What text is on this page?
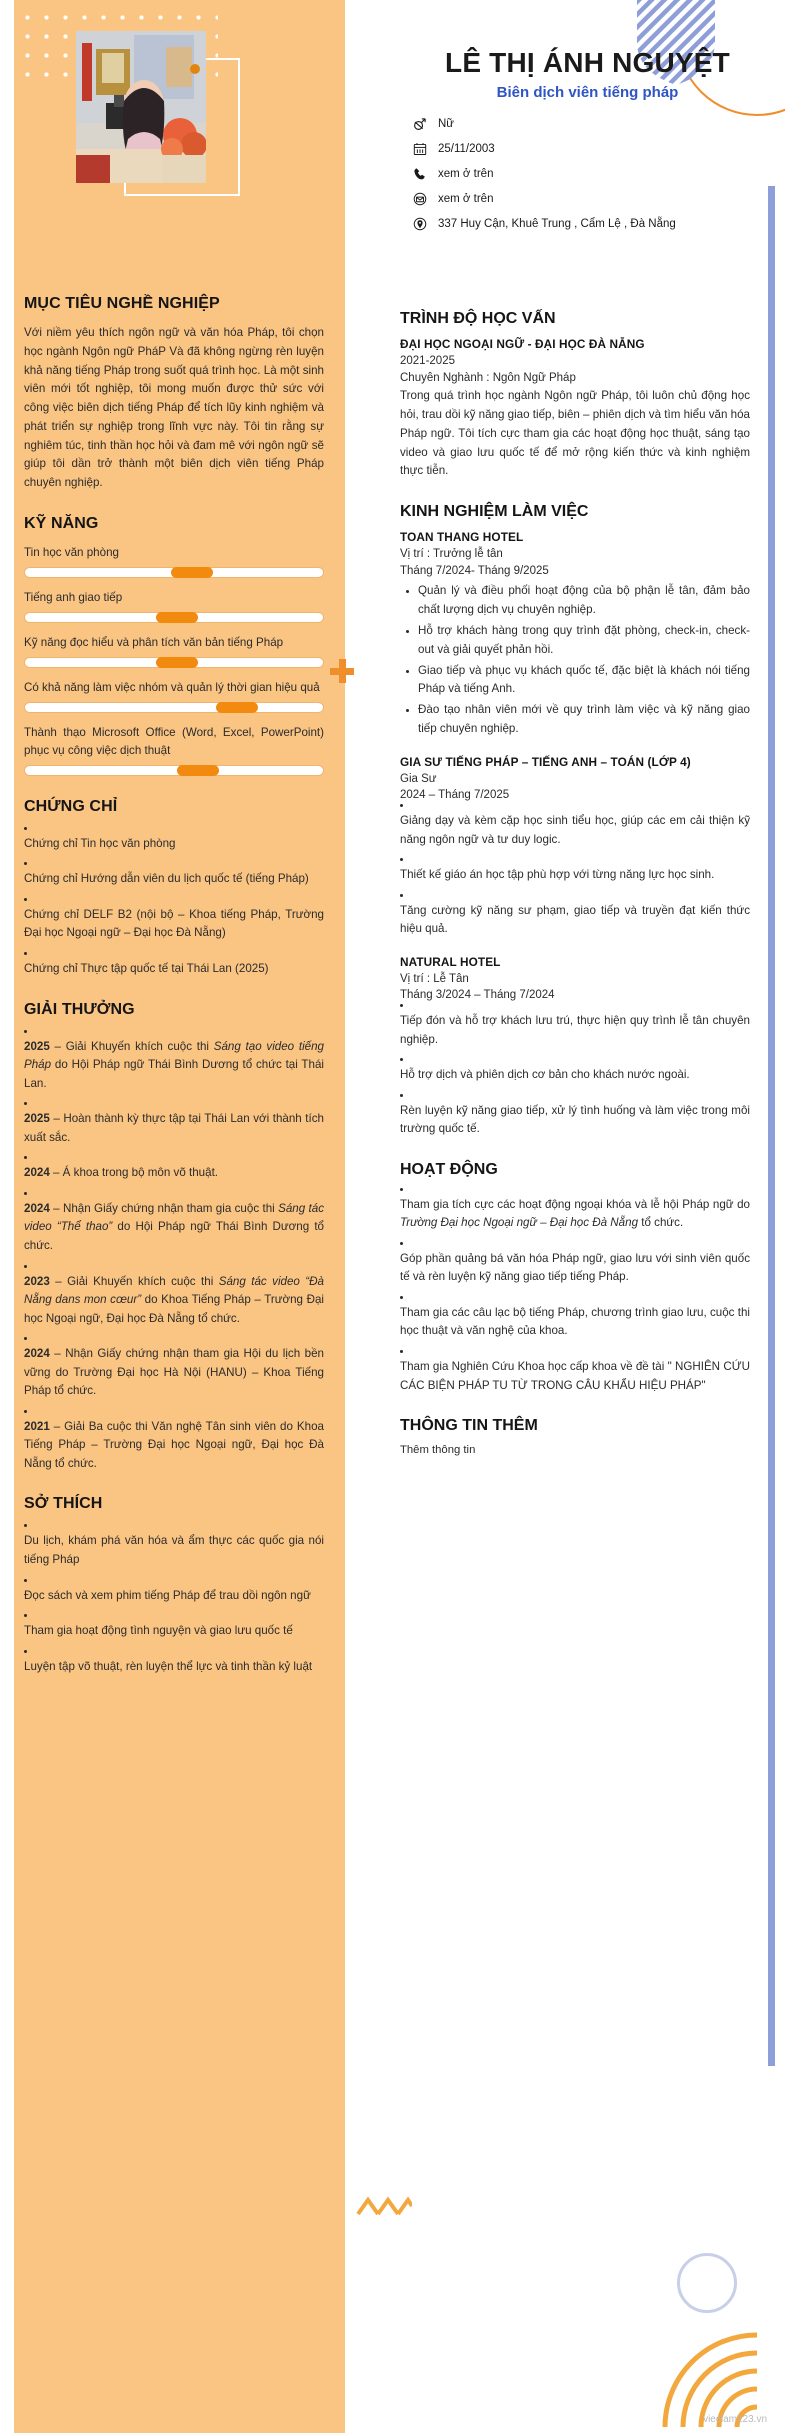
LÊ THỊ ÁNH NGUYỆT
Biên dịch viên tiếng pháp
Nữ
25/11/2003
xem ở trên
xem ở trên
337 Huy Cận, Khuê Trung , Cẩm Lệ , Đà Nẵng
MỤC TIÊU NGHỀ NGHIỆP
Với niềm yêu thích ngôn ngữ và văn hóa Pháp, tôi chọn học ngành Ngôn ngữ PháP Và đã không ngừng rèn luyện khả năng tiếng Pháp trong suốt quá trình học. Là một sinh viên mới tốt nghiệp, tôi mong muốn được thử sức với công việc biên dịch tiếng Pháp để tích lũy kinh nghiệm và phát triển sự nghiệp trong lĩnh vực này. Tôi tin rằng sự nghiêm túc, tinh thần học hỏi và đam mê với ngôn ngữ sẽ giúp tôi dần trở thành một biên dịch viên tiếng Pháp chuyên nghiệp.
KỸ NĂNG
Tin học văn phòng
Tiếng anh giao tiếp
Kỹ năng đọc hiểu và phân tích văn bản tiếng Pháp
Có khả năng làm việc nhóm và quản lý thời gian hiệu quả
Thành thạo Microsoft Office (Word, Excel, PowerPoint) phục vụ công việc dịch thuật
CHỨNG CHỈ
Chứng chỉ Tin học văn phòng
Chứng chỉ Hướng dẫn viên du lịch quốc tế (tiếng Pháp)
Chứng chỉ DELF B2 (nội bộ – Khoa tiếng Pháp, Trường Đại học Ngoại ngữ – Đại học Đà Nẵng)
Chứng chỉ Thực tập quốc tế tại Thái Lan (2025)
GIẢI THƯỞNG
2025 – Giải Khuyến khích cuộc thi Sáng tạo video tiếng Pháp do Hội Pháp ngữ Thái Bình Dương tổ chức tại Thái Lan.
2025 – Hoàn thành kỳ thực tập tại Thái Lan với thành tích xuất sắc.
2024 – Á khoa trong bộ môn võ thuật.
2024 – Nhận Giấy chứng nhận tham gia cuộc thi Sáng tác video “Thể thao” do Hội Pháp ngữ Thái Bình Dương tổ chức.
2023 – Giải Khuyến khích cuộc thi Sáng tác video “Đà Nẵng dans mon cœur” do Khoa Tiếng Pháp – Trường Đại học Ngoại ngữ, Đại học Đà Nẵng tổ chức.
2024 – Nhận Giấy chứng nhận tham gia Hội du lịch bền vững do Trường Đại học Hà Nội (HANU) – Khoa Tiếng Pháp tổ chức.
2021 – Giải Ba cuộc thi Văn nghệ Tân sinh viên do Khoa Tiếng Pháp – Trường Đại học Ngoại ngữ, Đại học Đà Nẵng tổ chức.
SỞ THÍCH
Du lịch, khám phá văn hóa và ẩm thực các quốc gia nói tiếng Pháp
Đọc sách và xem phim tiếng Pháp để trau dồi ngôn ngữ
Tham gia hoạt động tình nguyện và giao lưu quốc tế
Luyện tập võ thuật, rèn luyện thể lực và tinh thần kỷ luật
TRÌNH ĐỘ HỌC VẤN
ĐẠI HỌC NGOẠI NGỮ - ĐẠI HỌC ĐÀ NẴNG
2021-2025
Chuyên Nghành : Ngôn Ngữ Pháp
Trong quá trình học ngành Ngôn ngữ Pháp, tôi luôn chủ động học hỏi, trau dồi kỹ năng giao tiếp, biên – phiên dịch và tìm hiểu văn hóa Pháp ngữ. Tôi tích cực tham gia các hoạt động học thuật, sáng tạo video và giao lưu quốc tế để mở rộng kiến thức và kinh nghiệm thực tiễn.
KINH NGHIỆM LÀM VIỆC
TOAN THANG HOTEL
Vị trí : Trưởng lễ tân
Tháng 7/2024- Tháng 9/2025
Quản lý và điều phối hoạt động của bộ phận lễ tân, đảm bảo chất lượng dịch vụ chuyên nghiệp.
Hỗ trợ khách hàng trong quy trình đặt phòng, check-in, check-out và giải quyết phản hồi.
Giao tiếp và phục vụ khách quốc tế, đặc biệt là khách nói tiếng Pháp và tiếng Anh.
Đào tạo nhân viên mới về quy trình làm việc và kỹ năng giao tiếp chuyên nghiệp.
GIA SƯ TIẾNG PHÁP – TIẾNG ANH – TOÁN (LỚP 4)
Gia Sư
2024 – Tháng 7/2025
Giảng dạy và kèm cặp học sinh tiểu học, giúp các em cải thiện kỹ năng ngôn ngữ và tư duy logic.
Thiết kế giáo án học tập phù hợp với từng năng lực học sinh.
Tăng cường kỹ năng sư phạm, giao tiếp và truyền đạt kiến thức hiệu quả.
NATURAL HOTEL
Vị trí : Lễ Tân
Tháng 3/2024 – Tháng 7/2024
Tiếp đón và hỗ trợ khách lưu trú, thực hiện quy trình lễ tân chuyên nghiệp.
Hỗ trợ dịch và phiên dịch cơ bản cho khách nước ngoài.
Rèn luyện kỹ năng giao tiếp, xử lý tình huống và làm việc trong môi trường quốc tế.
HOẠT ĐỘNG
Tham gia tích cực các hoạt động ngoại khóa và lễ hội Pháp ngữ do Trường Đại học Ngoại ngữ – Đại học Đà Nẵng tổ chức.
Góp phần quảng bá văn hóa Pháp ngữ, giao lưu với sinh viên quốc tế và rèn luyện kỹ năng giao tiếp tiếng Pháp.
Tham gia các câu lạc bộ tiếng Pháp, chương trình giao lưu, cuộc thi học thuật và văn nghệ của khoa.
Tham gia Nghiên Cứu Khoa học cấp khoa về đề tài " NGHIÊN CỨU CÁC BIỆN PHÁP TU TỪ TRONG CÂU KHẨU HIỆU PHÁP"
THÔNG TIN THÊM
Thêm thông tin
vieclam123.vn
